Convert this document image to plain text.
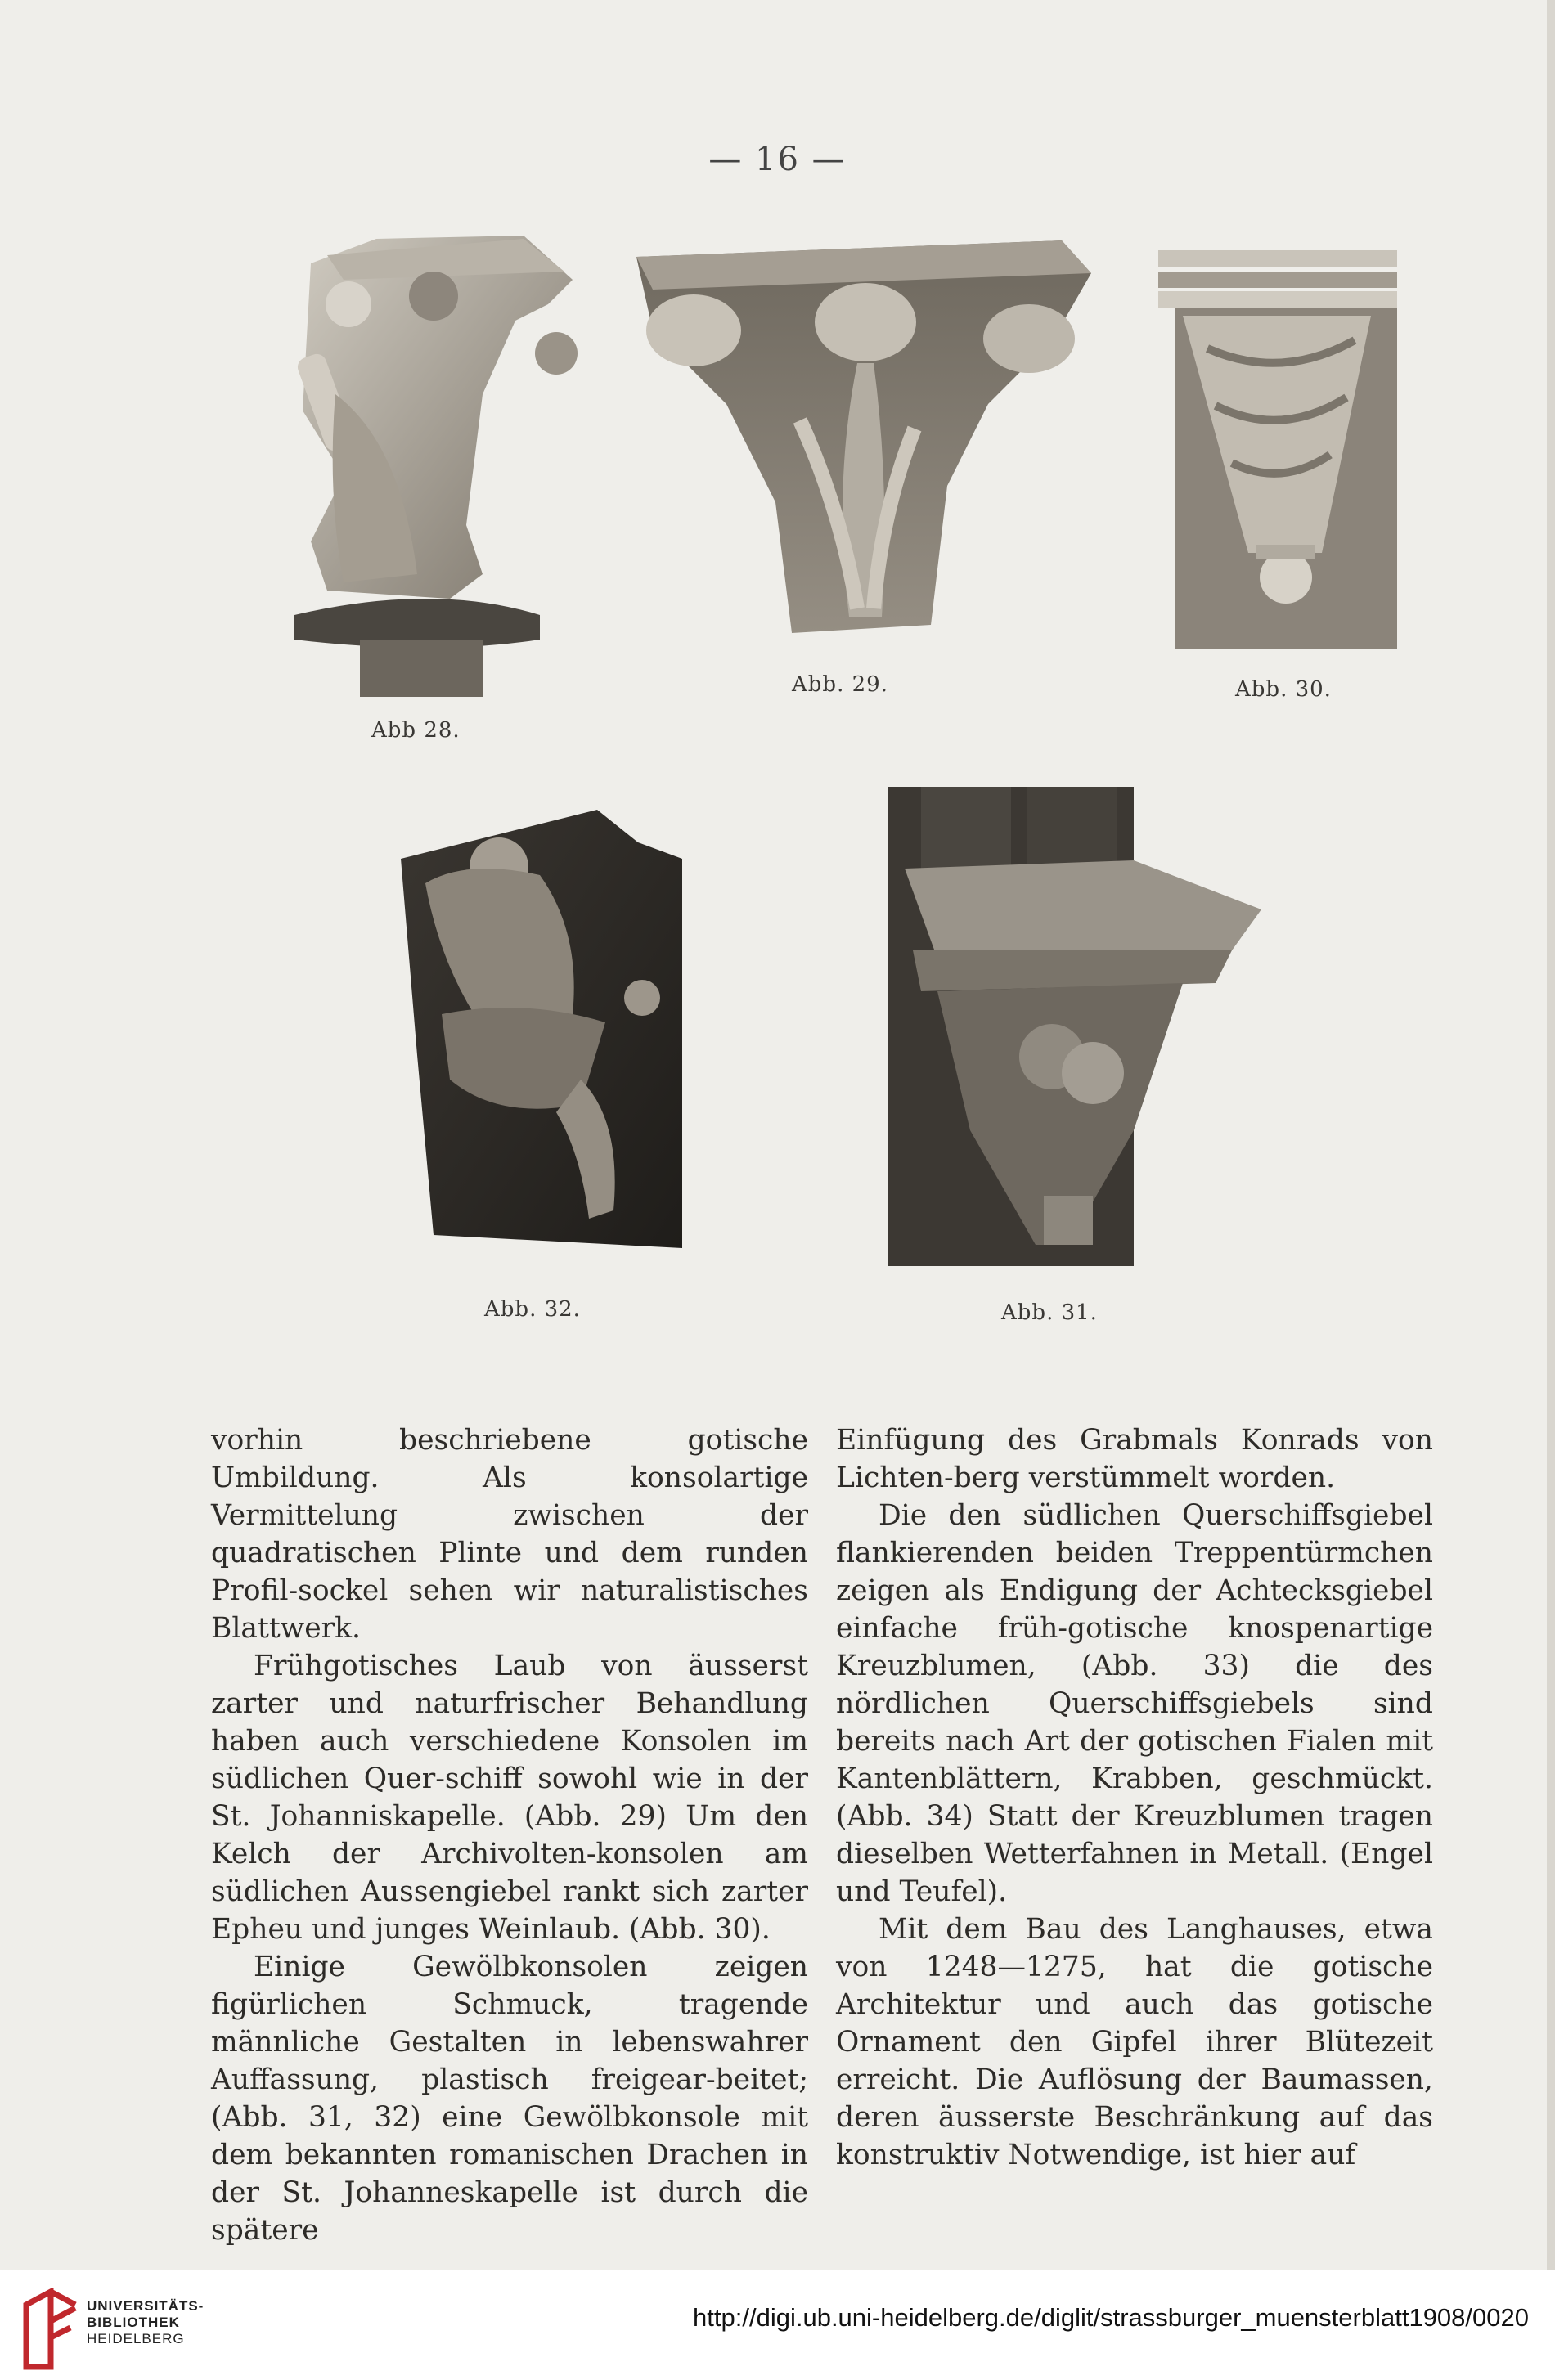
— 16 —
Abb 28.
Abb. 29.	Abb. 30.
Abb. 32.	Abb. 31.

vorhin beschriebene gotische Umbildung. Als konsolartige Vermittelung zwischen der quadratischen Plinte und dem runden Profil-sockel sehen wir naturalistisches Blattwerk.

Frühgotisches Laub von äusserst zarter und naturfrischer Behandlung haben auch verschiedene Konsolen im südlichen Quer-schiff sowohl wie in der St. Johanniskapelle. (Abb. 29) Um den Kelch der Archivolten-konsolen am südlichen Aussengiebel rankt sich zarter Epheu und junges Weinlaub. (Abb. 30).

Einige Gewölbkonsolen zeigen figürlichen Schmuck, tragende männliche Gestalten in lebenswahrer Auffassung, plastisch freigear-beitet; (Abb. 31, 32) eine Gewölbkonsole mit dem bekannten romanischen Drachen in der St. Johanneskapelle ist durch die spätere

Einfügung des Grabmals Konrads von Lichten-berg verstümmelt worden.

Die den südlichen Querschiffsgiebel flankierenden beiden Treppentürmchen zeigen als Endigung der Achtecksgiebel einfache früh-gotische knospenartige Kreuzblumen, (Abb. 33) die des nördlichen Querschiffsgiebels sind bereits nach Art der gotischen Fialen mit Kantenblättern, Krabben, geschmückt. (Abb. 34) Statt der Kreuzblumen tragen dieselben Wetterfahnen in Metall. (Engel und Teufel).

Mit dem Bau des Langhauses, etwa von 1248—1275, hat die gotische Architektur und auch das gotische Ornament den Gipfel ihrer Blütezeit erreicht. Die Auflösung der Baumassen, deren äusserste Beschränkung auf das konstruktiv Notwendige, ist hier auf

UNIVERSITÄTS-
BIBLIOTHEK
HEIDELBERG
http://digi.ub.uni-heidelberg.de/diglit/strassburger_muensterblatt1908/0020
